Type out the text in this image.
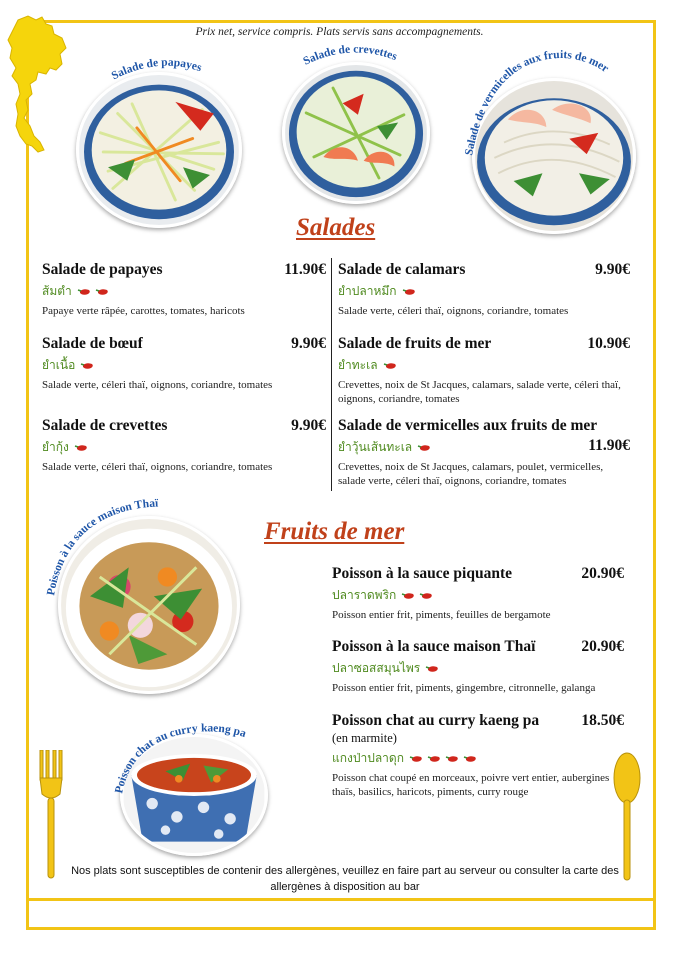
Prix net, service compris. Plats servis sans accompagnements.
Salade de papayes
Salade de crevettes
Salade de vermicelles aux fruits de mer
Poisson à la sauce maison Thaï
Poisson chat au curry kaeng pa
Salades
Fruits de mer
Salade de papayes	11.90€
ส้มตำ
Papaye verte râpée, carottes, tomates, haricots
Salade de bœuf	9.90€
ยำเนื้อ
Salade verte, céleri thaï, oignons, coriandre, tomates
Salade de crevettes	9.90€
ยำกุ้ง
Salade verte, céleri thaï, oignons, coriandre, tomates
Salade de calamars	9.90€
ยำปลาหมึก
Salade verte, céleri thaï, oignons, coriandre, tomates
Salade de fruits de mer	10.90€
ยำทะเล
Crevettes, noix de St Jacques, calamars, salade verte, céleri thaï, oignons, coriandre, tomates
Salade de vermicelles aux fruits de mer
11.90€
ยำวุ้นเส้นทะเล
Crevettes, noix de St Jacques, calamars, poulet, vermicelles, salade verte, céleri thaï, oignons, coriandre, tomates
Poisson à la sauce piquante	20.90€
ปลาราดพริก
Poisson entier frit, piments, feuilles de bergamote
Poisson à la sauce maison Thaï	20.90€
ปลาซอสสมุนไพร
Poisson entier frit, piments, gingembre, citronnelle, galanga
Poisson chat au curry kaeng pa	18.50€
(en marmite)
แกงป่าปลาดุก
Poisson chat coupé en morceaux, poivre vert entier, aubergines thaïs, basilics, haricots, piments, curry rouge
Nos plats sont susceptibles de contenir des allergènes, veuillez en faire part au serveur ou consulter la carte des allergènes à disposition au bar
